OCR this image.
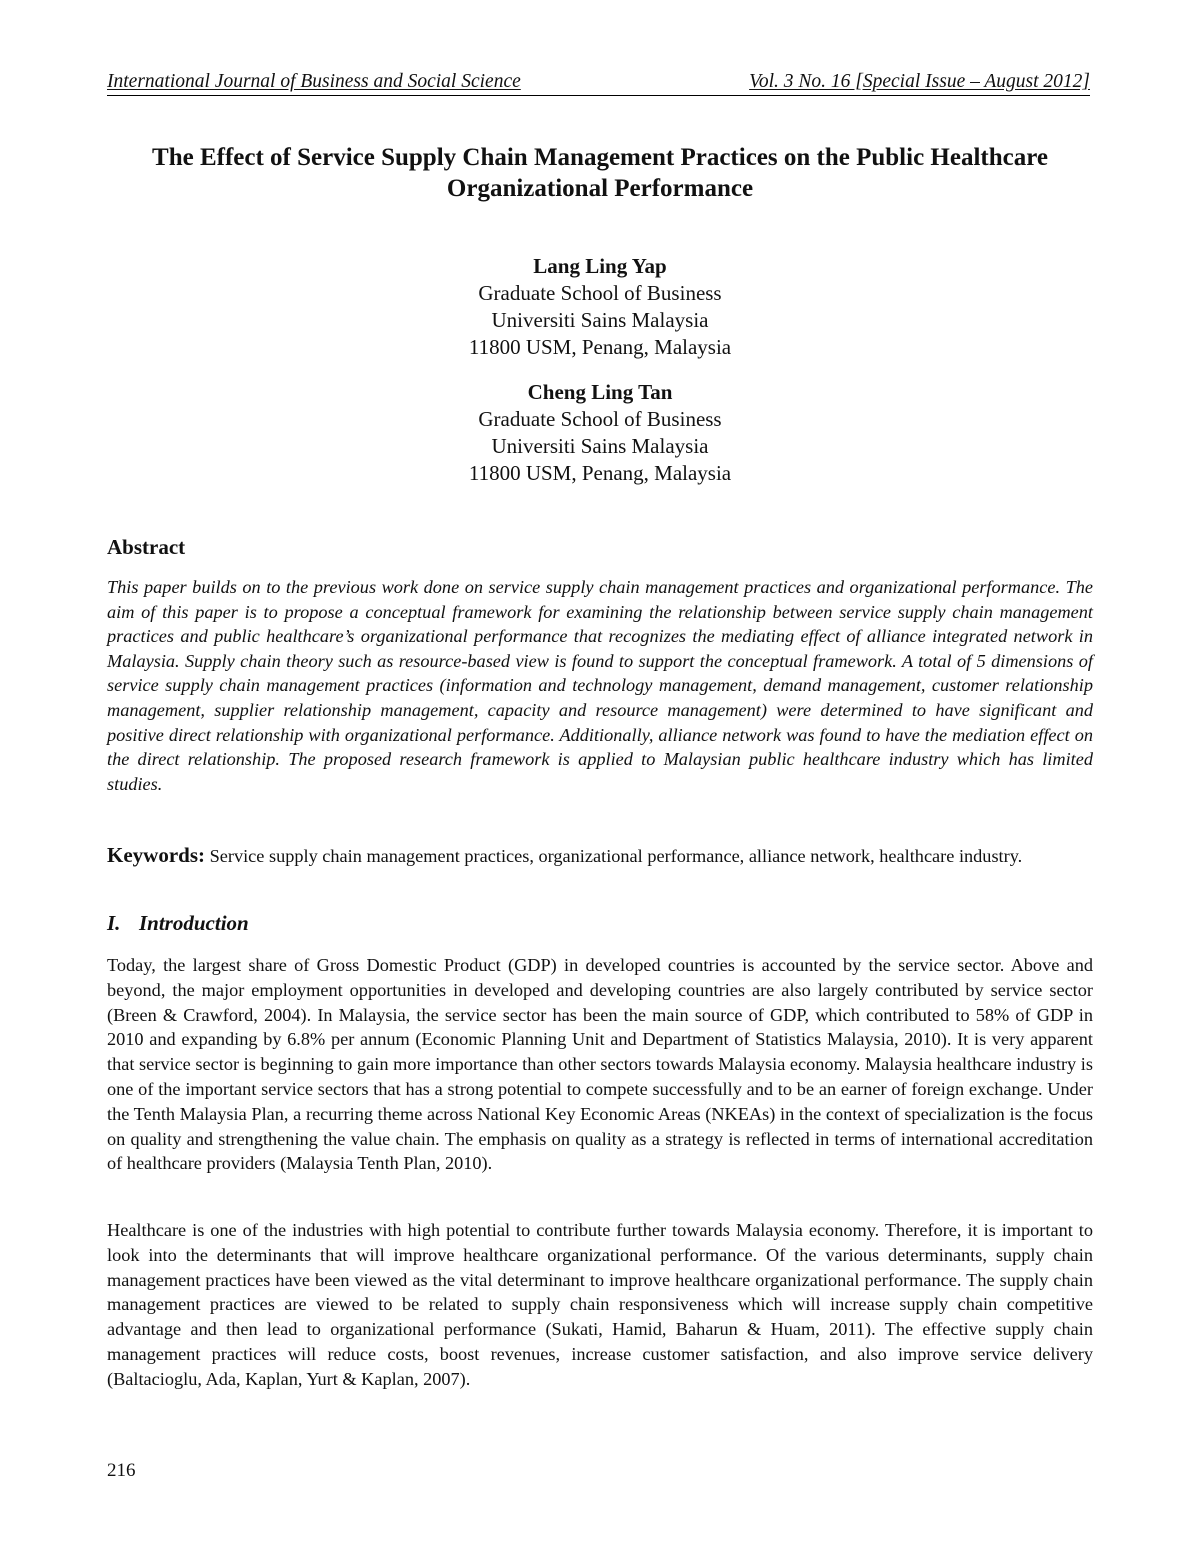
International Journal of Business and Social Science	Vol. 3 No. 16 [Special Issue – August 2012]
The Effect of Service Supply Chain Management Practices on the Public Healthcare Organizational Performance
Lang Ling Yap
Graduate School of Business
Universiti Sains Malaysia
11800 USM, Penang, Malaysia
Cheng Ling Tan
Graduate School of Business
Universiti Sains Malaysia
11800 USM, Penang, Malaysia
Abstract

This paper builds on to the previous work done on service supply chain management practices and organizational performance. The aim of this paper is to propose a conceptual framework for examining the relationship between service supply chain management practices and public healthcare’s organizational performance that recognizes the mediating effect of alliance integrated network in Malaysia. Supply chain theory such as resource-based view is found to support the conceptual framework. A total of 5 dimensions of service supply chain management practices (information and technology management, demand management, customer relationship management, supplier relationship management, capacity and resource management) were determined to have significant and positive direct relationship with organizational performance. Additionally, alliance network was found to have the mediation effect on the direct relationship. The proposed research framework is applied to Malaysian public healthcare industry which has limited studies.

Keywords: Service supply chain management practices, organizational performance, alliance network, healthcare industry.

I. Introduction

Today, the largest share of Gross Domestic Product (GDP) in developed countries is accounted by the service sector. Above and beyond, the major employment opportunities in developed and developing countries are also largely contributed by service sector (Breen & Crawford, 2004). In Malaysia, the service sector has been the main source of GDP, which contributed to 58% of GDP in 2010 and expanding by 6.8% per annum (Economic Planning Unit and Department of Statistics Malaysia, 2010). It is very apparent that service sector is beginning to gain more importance than other sectors towards Malaysia economy. Malaysia healthcare industry is one of the important service sectors that has a strong potential to compete successfully and to be an earner of foreign exchange. Under the Tenth Malaysia Plan, a recurring theme across National Key Economic Areas (NKEAs) in the context of specialization is the focus on quality and strengthening the value chain. The emphasis on quality as a strategy is reflected in terms of international accreditation of healthcare providers (Malaysia Tenth Plan, 2010).

Healthcare is one of the industries with high potential to contribute further towards Malaysia economy. Therefore, it is important to look into the determinants that will improve healthcare organizational performance. Of the various determinants, supply chain management practices have been viewed as the vital determinant to improve healthcare organizational performance. The supply chain management practices are viewed to be related to supply chain responsiveness which will increase supply chain competitive advantage and then lead to organizational performance (Sukati, Hamid, Baharun & Huam, 2011). The effective supply chain management practices will reduce costs, boost revenues, increase customer satisfaction, and also improve service delivery (Baltacioglu, Ada, Kaplan, Yurt & Kaplan, 2007).

216
